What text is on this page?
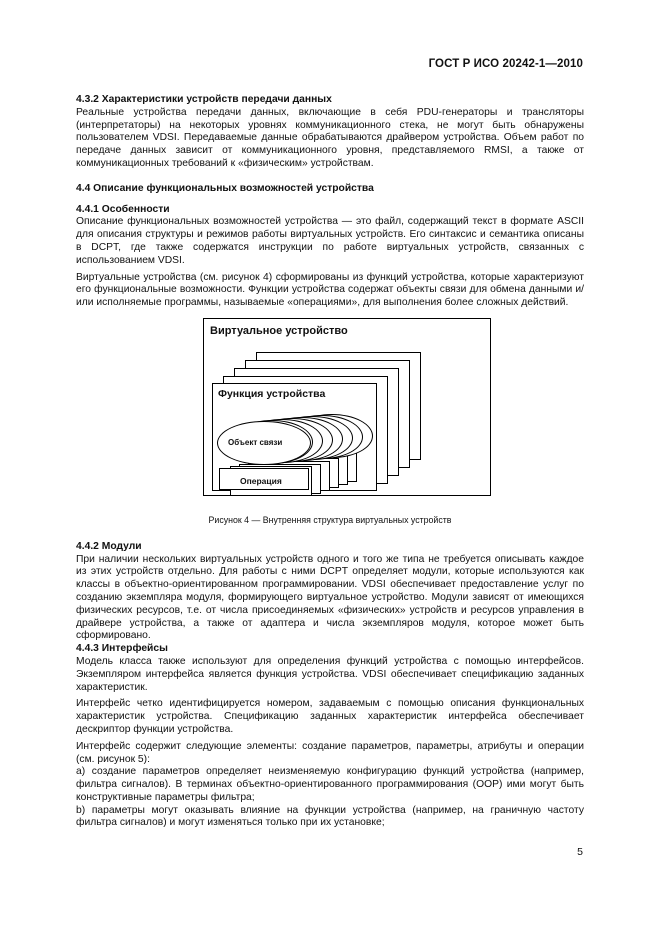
ГОСТ Р ИСО 20242-1—2010
4.3.2 Характеристики устройств передачи данных

Реальные устройства передачи данных, включающие в себя PDU-генераторы и трансляторы (интерпретаторы) на некоторых уровнях коммуникационного стека, не могут быть обнаружены пользователем VDSI. Передаваемые данные обрабатываются драйвером устройства. Объем работ по передаче данных зависит от коммуникационного уровня, представляемого RMSI, а также от коммуникационных требований к «физическим» устройствам.

4.4 Описание функциональных возможностей устройства
4.4.1 Особенности

Описание функциональных возможностей устройства — это файл, содержащий текст в формате ASCII для описания структуры и режимов работы виртуальных устройств. Его синтаксис и семантика описаны в DCPT, где также содержатся инструкции по работе виртуальных устройств, связанных с использованием VDSI.

Виртуальные устройства (см. рисунок 4) сформированы из функций устройства, которые характеризуют его функциональные возможности. Функции устройства содержат объекты связи для обмена данными и/или исполняемые программы, называемые «операциями», для выполнения более сложных действий.

Виртуальное устройство
Функция устройства
Операция
Объект связи
Рисунок 4 — Внутренняя структура виртуальных устройств
4.4.2 Модули

При наличии нескольких виртуальных устройств одного и того же типа не требуется описывать каждое из этих устройств отдельно. Для работы с ними DCPT определяет модули, которые используются как классы в объектно-ориентированном программировании. VDSI обеспечивает предоставление услуг по созданию экземпляра модуля, формирующего виртуальное устройство. Модули зависят от имеющихся физических ресурсов, т.е. от числа присоединяемых «физических» устройств и ресурсов управления в драйвере устройства, а также от адаптера и числа экземпляров модуля, которое может быть сформировано.

4.4.3 Интерфейсы

Модель класса также используют для определения функций устройства с помощью интерфейсов. Экземпляром интерфейса является функция устройства. VDSI обеспечивает спецификацию заданных характеристик.

Интерфейс четко идентифицируется номером, задаваемым с помощью описания функциональных характеристик устройства. Спецификацию заданных характеристик интерфейса обеспечивает дескриптор функции устройства.

Интерфейс содержит следующие элементы: создание параметров, параметры, атрибуты и операции (см. рисунок 5):

а) создание параметров определяет неизменяемую конфигурацию функций устройства (например, фильтра сигналов). В терминах объектно-ориентированного программирования (ООР) ими могут быть конструктивные параметры фильтра;

b) параметры могут оказывать влияние на функции устройства (например, на граничную частоту фильтра сигналов) и могут изменяться только при их установке;

5
